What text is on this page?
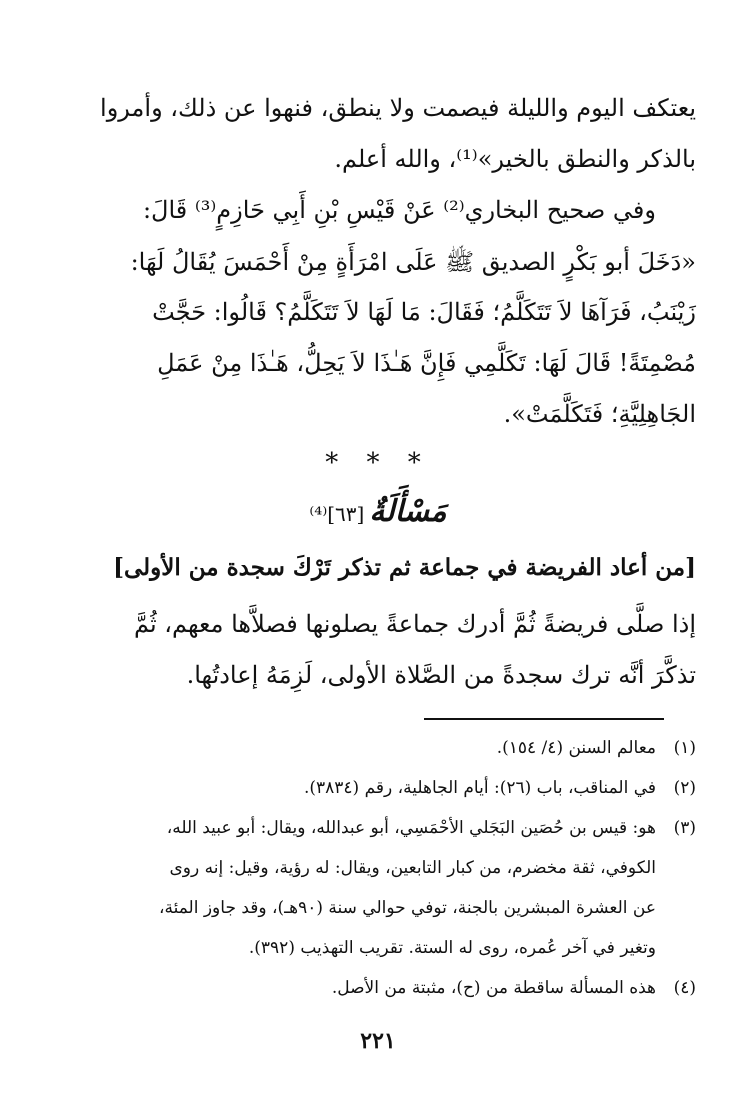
يعتكف اليوم والليلة فيصمت ولا ينطق، فنهوا عن ذلك، وأمروا
بالذكر والنطق بالخير»⁽¹⁾، والله أعلم.
وفي صحيح البخاري⁽²⁾ عَنْ قَيْسِ بْنِ أَبِي حَازِمٍ⁽³⁾ قَالَ:
«دَخَلَ أبو بَكْرٍ الصديق ﷺ عَلَى امْرَأَةٍ مِنْ أَحْمَسَ يُقَالُ لَهَا:
زَيْنَبُ، فَرَآهَا لاَ تَتَكَلَّمُ؛ فَقَالَ: مَا لَهَا لاَ تَتَكَلَّمُ؟ قَالُوا: حَجَّتْ
مُصْمِتَةً! قَالَ لَهَا: تَكَلَّمِي فَإِنَّ هَـٰذَا لاَ يَحِلُّ، هَـٰذَا مِنْ عَمَلِ
الجَاهِلِيَّةِ؛ فَتَكَلَّمَتْ».
* * *
مَسْأَلَةٌ [٦٣]⁽⁴⁾
[من أعاد الفريضة في جماعة ثم تذكر تَرْكَ سجدة من الأولى]
إذا صلَّى فريضةً ثُمَّ أدرك جماعةً يصلونها فصلاَّها معهم، ثُمَّ
تذكَّرَ أنَّه ترك سجدةً من الصَّلاة الأولى، لَزِمَهُ إعادتُها.
(١)
معالم السنن (٤/ ١٥٤).
(٢)
في المناقب، باب (٢٦): أيام الجاهلية، رقم (٣٨٣٤).
(٣)
هو: قيس بن حُصَين البَجَلي الأحْمَسِي، أبو عبدالله، ويقال: أبو عبيد الله،
الكوفي، ثقة مخضرم، من كبار التابعين، ويقال: له رؤية، وقيل: إنه روى
عن العشرة المبشرين بالجنة، توفي حوالي سنة (٩٠هـ)، وقد جاوز المئة،
وتغير في آخر عُمره، روى له الستة. تقريب التهذيب (٣٩٢).
(٤)
هذه المسألة ساقطة من (ح)، مثبتة من الأصل.
٢٢١
